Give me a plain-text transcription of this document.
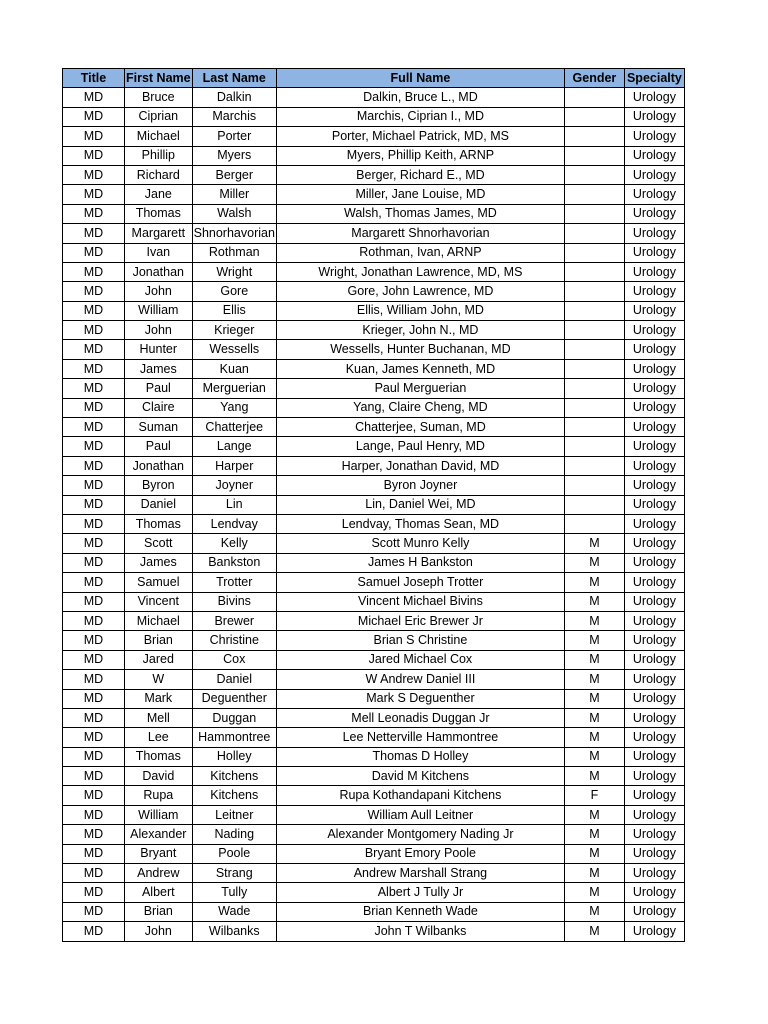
Title	First Name	Last Name	Full Name	Gender	Specialty
MD	Bruce	Dalkin	Dalkin, Bruce L., MD		Urology
MD	Ciprian	Marchis	Marchis, Ciprian I., MD		Urology
MD	Michael	Porter	Porter, Michael Patrick, MD, MS		Urology
MD	Phillip	Myers	Myers, Phillip Keith, ARNP		Urology
MD	Richard	Berger	Berger, Richard E., MD		Urology
MD	Jane	Miller	Miller, Jane Louise, MD		Urology
MD	Thomas	Walsh	Walsh, Thomas James, MD		Urology
MD	Margarett	Shnorhavorian	Margarett Shnorhavorian		Urology
MD	Ivan	Rothman	Rothman, Ivan, ARNP		Urology
MD	Jonathan	Wright	Wright, Jonathan Lawrence, MD, MS		Urology
MD	John	Gore	Gore, John Lawrence, MD		Urology
MD	William	Ellis	Ellis, William John, MD		Urology
MD	John	Krieger	Krieger, John N., MD		Urology
MD	Hunter	Wessells	Wessells, Hunter Buchanan, MD		Urology
MD	James	Kuan	Kuan, James Kenneth, MD		Urology
MD	Paul	Merguerian	Paul Merguerian		Urology
MD	Claire	Yang	Yang, Claire Cheng, MD		Urology
MD	Suman	Chatterjee	Chatterjee, Suman, MD		Urology
MD	Paul	Lange	Lange, Paul Henry, MD		Urology
MD	Jonathan	Harper	Harper, Jonathan David, MD		Urology
MD	Byron	Joyner	Byron Joyner		Urology
MD	Daniel	Lin	Lin, Daniel Wei, MD		Urology
MD	Thomas	Lendvay	Lendvay, Thomas Sean, MD		Urology
MD	Scott	Kelly	Scott Munro Kelly	M	Urology
MD	James	Bankston	James H Bankston	M	Urology
MD	Samuel	Trotter	Samuel Joseph Trotter	M	Urology
MD	Vincent	Bivins	Vincent Michael Bivins	M	Urology
MD	Michael	Brewer	Michael Eric Brewer Jr	M	Urology
MD	Brian	Christine	Brian S Christine	M	Urology
MD	Jared	Cox	Jared Michael Cox	M	Urology
MD	W	Daniel	W Andrew Daniel III	M	Urology
MD	Mark	Deguenther	Mark S Deguenther	M	Urology
MD	Mell	Duggan	Mell Leonadis Duggan Jr	M	Urology
MD	Lee	Hammontree	Lee Netterville Hammontree	M	Urology
MD	Thomas	Holley	Thomas D Holley	M	Urology
MD	David	Kitchens	David M Kitchens	M	Urology
MD	Rupa	Kitchens	Rupa Kothandapani Kitchens	F	Urology
MD	William	Leitner	William Aull Leitner	M	Urology
MD	Alexander	Nading	Alexander Montgomery Nading Jr	M	Urology
MD	Bryant	Poole	Bryant Emory Poole	M	Urology
MD	Andrew	Strang	Andrew Marshall Strang	M	Urology
MD	Albert	Tully	Albert J Tully Jr	M	Urology
MD	Brian	Wade	Brian Kenneth Wade	M	Urology
MD	John	Wilbanks	John T Wilbanks	M	Urology
